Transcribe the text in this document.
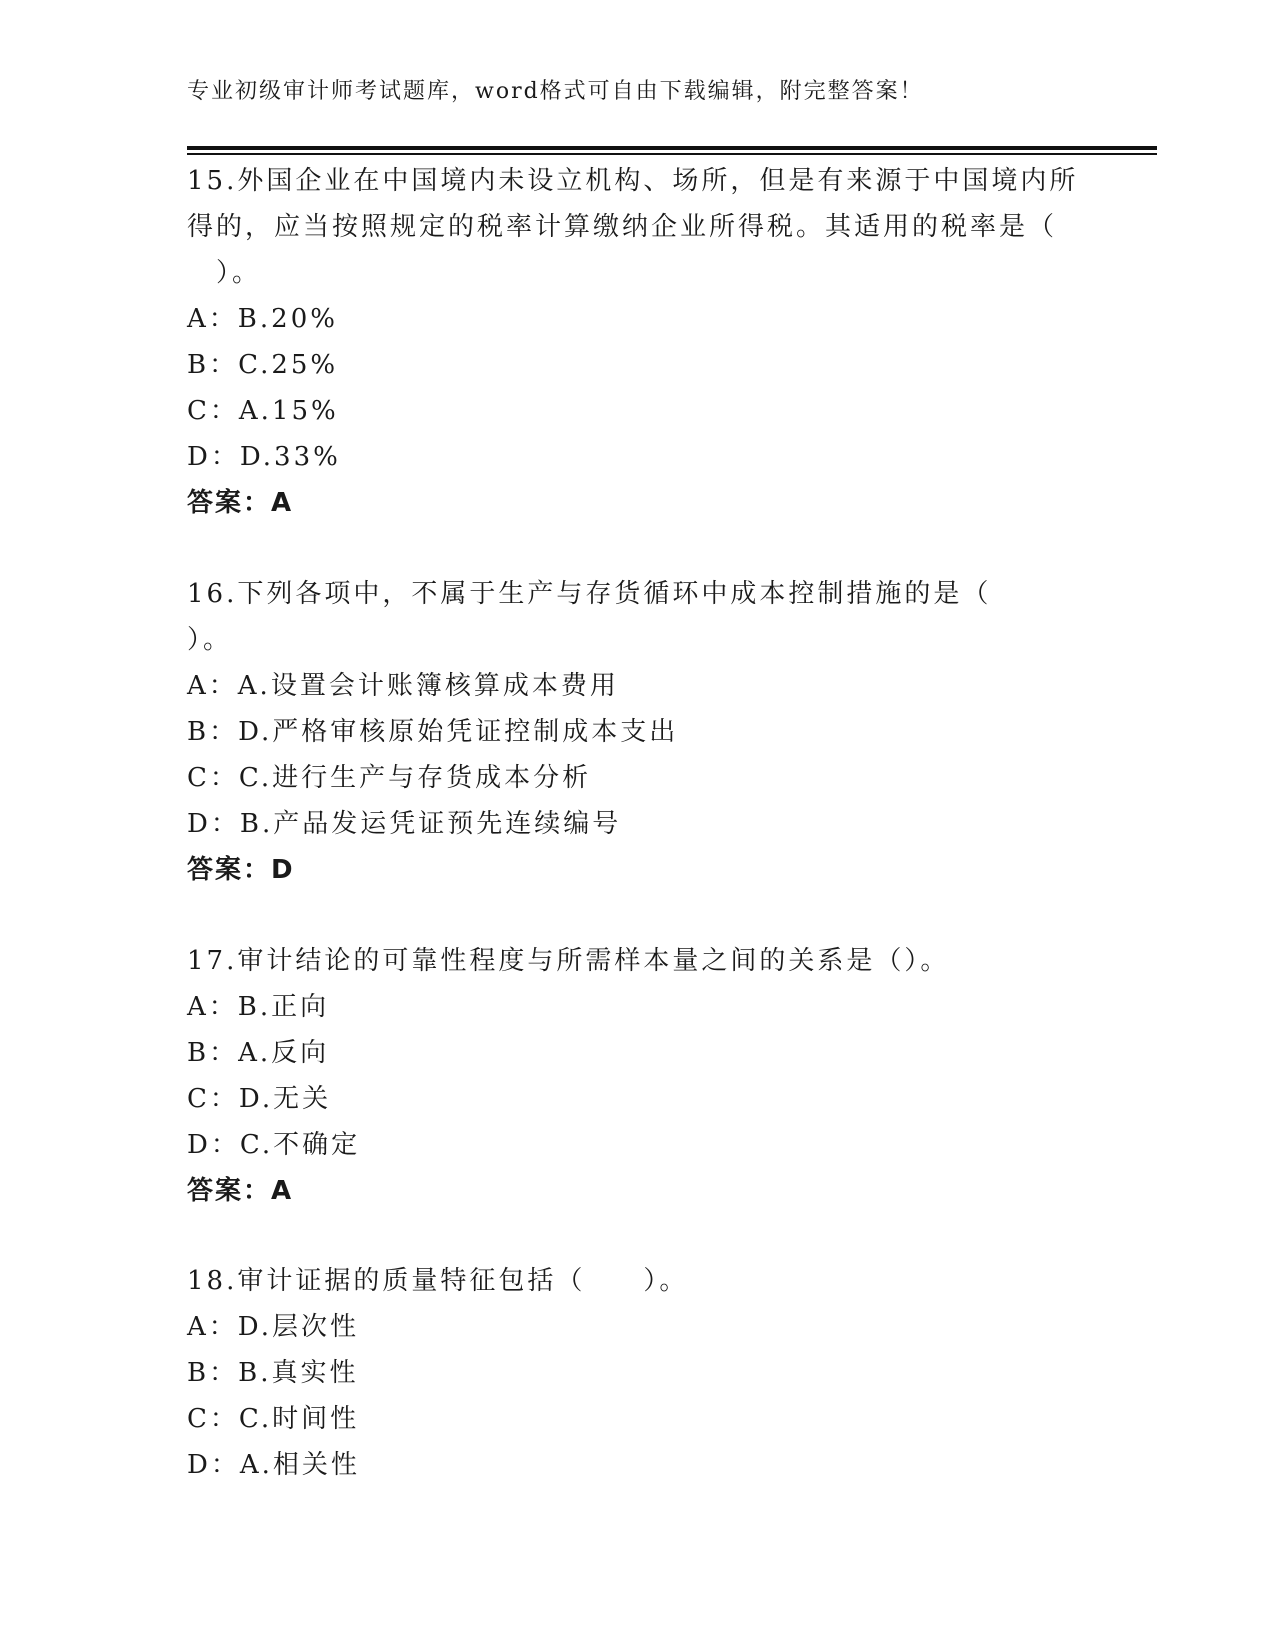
专业初级审计师考试题库，word格式可自由下载编辑，附完整答案！
15.外国企业在中国境内未设立机构、场所，但是有来源于中国境内所
得的，应当按照规定的税率计算缴纳企业所得税。其适用的税率是（
　）。
A：B.20%
B：C.25%
C：A.15%
D：D.33%
答案：A
16.下列各项中，不属于生产与存货循环中成本控制措施的是（
）。
A：A.设置会计账簿核算成本费用
B：D.严格审核原始凭证控制成本支出
C：C.进行生产与存货成本分析
D：B.产品发运凭证预先连续编号
答案：D
17.审计结论的可靠性程度与所需样本量之间的关系是（）。
A：B.正向
B：A.反向
C：D.无关
D：C.不确定
答案：A
18.审计证据的质量特征包括（　　）。
A：D.层次性
B：B.真实性
C：C.时间性
D：A.相关性
